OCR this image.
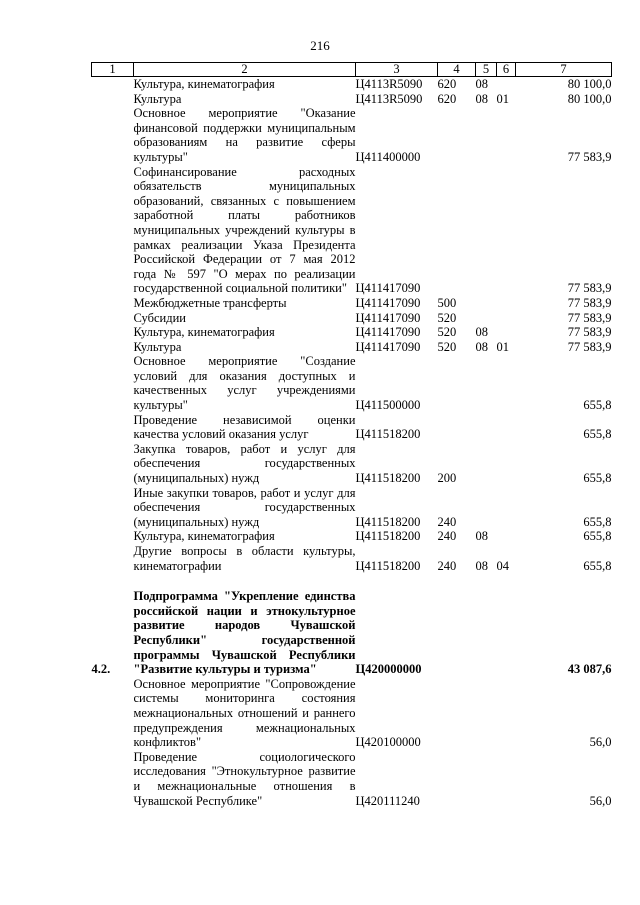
216
1	2	3	4	5	6	7
	Культура, кинематография	Ц4113R5090	620	08		80 100,0
	Культура	Ц4113R5090	620	08	01	80 100,0
	Основное мероприятие "Оказание финансовой поддержки муниципальным образованиям на развитие сферы культуры"	Ц411400000				77 583,9
	Софинансирование расходных обязательств муниципальных образований, связанных с повышением заработной платы работников муниципальных учреждений культуры в рамках реализации Указа Президента Российской Федерации от 7 мая 2012 года № 597 "О мерах по реализации государственной социальной политики"	Ц411417090				77 583,9
	Межбюджетные трансферты	Ц411417090	500			77 583,9
	Субсидии	Ц411417090	520			77 583,9
	Культура, кинематография	Ц411417090	520	08		77 583,9
	Культура	Ц411417090	520	08	01	77 583,9
	Основное мероприятие "Создание условий для оказания доступных и качественных услуг учреждениями культуры"	Ц411500000				655,8
	Проведение независимой оценки качества условий оказания услуг	Ц411518200				655,8
	Закупка товаров, работ и услуг для обеспечения государственных (муниципальных) нужд	Ц411518200	200			655,8
	Иные закупки товаров, работ и услуг для обеспечения государственных (муниципальных) нужд	Ц411518200	240			655,8
	Культура, кинематография	Ц411518200	240	08		655,8
	Другие вопросы в области культуры, кинематографии	Ц411518200	240	08	04	655,8

4.2.	Подпрограмма "Укрепление единства российской нации и этнокультурное развитие народов Чувашской Республики" государственной программы Чувашской Республики "Развитие культуры и туризма"	Ц420000000				43 087,6
	Основное мероприятие "Сопровождение системы мониторинга состояния межнациональных отношений и раннего предупреждения межнациональных конфликтов"	Ц420100000				56,0
	Проведение социологического исследования "Этнокультурное развитие и межнациональные отношения в Чувашской Республике"	Ц420111240				56,0
